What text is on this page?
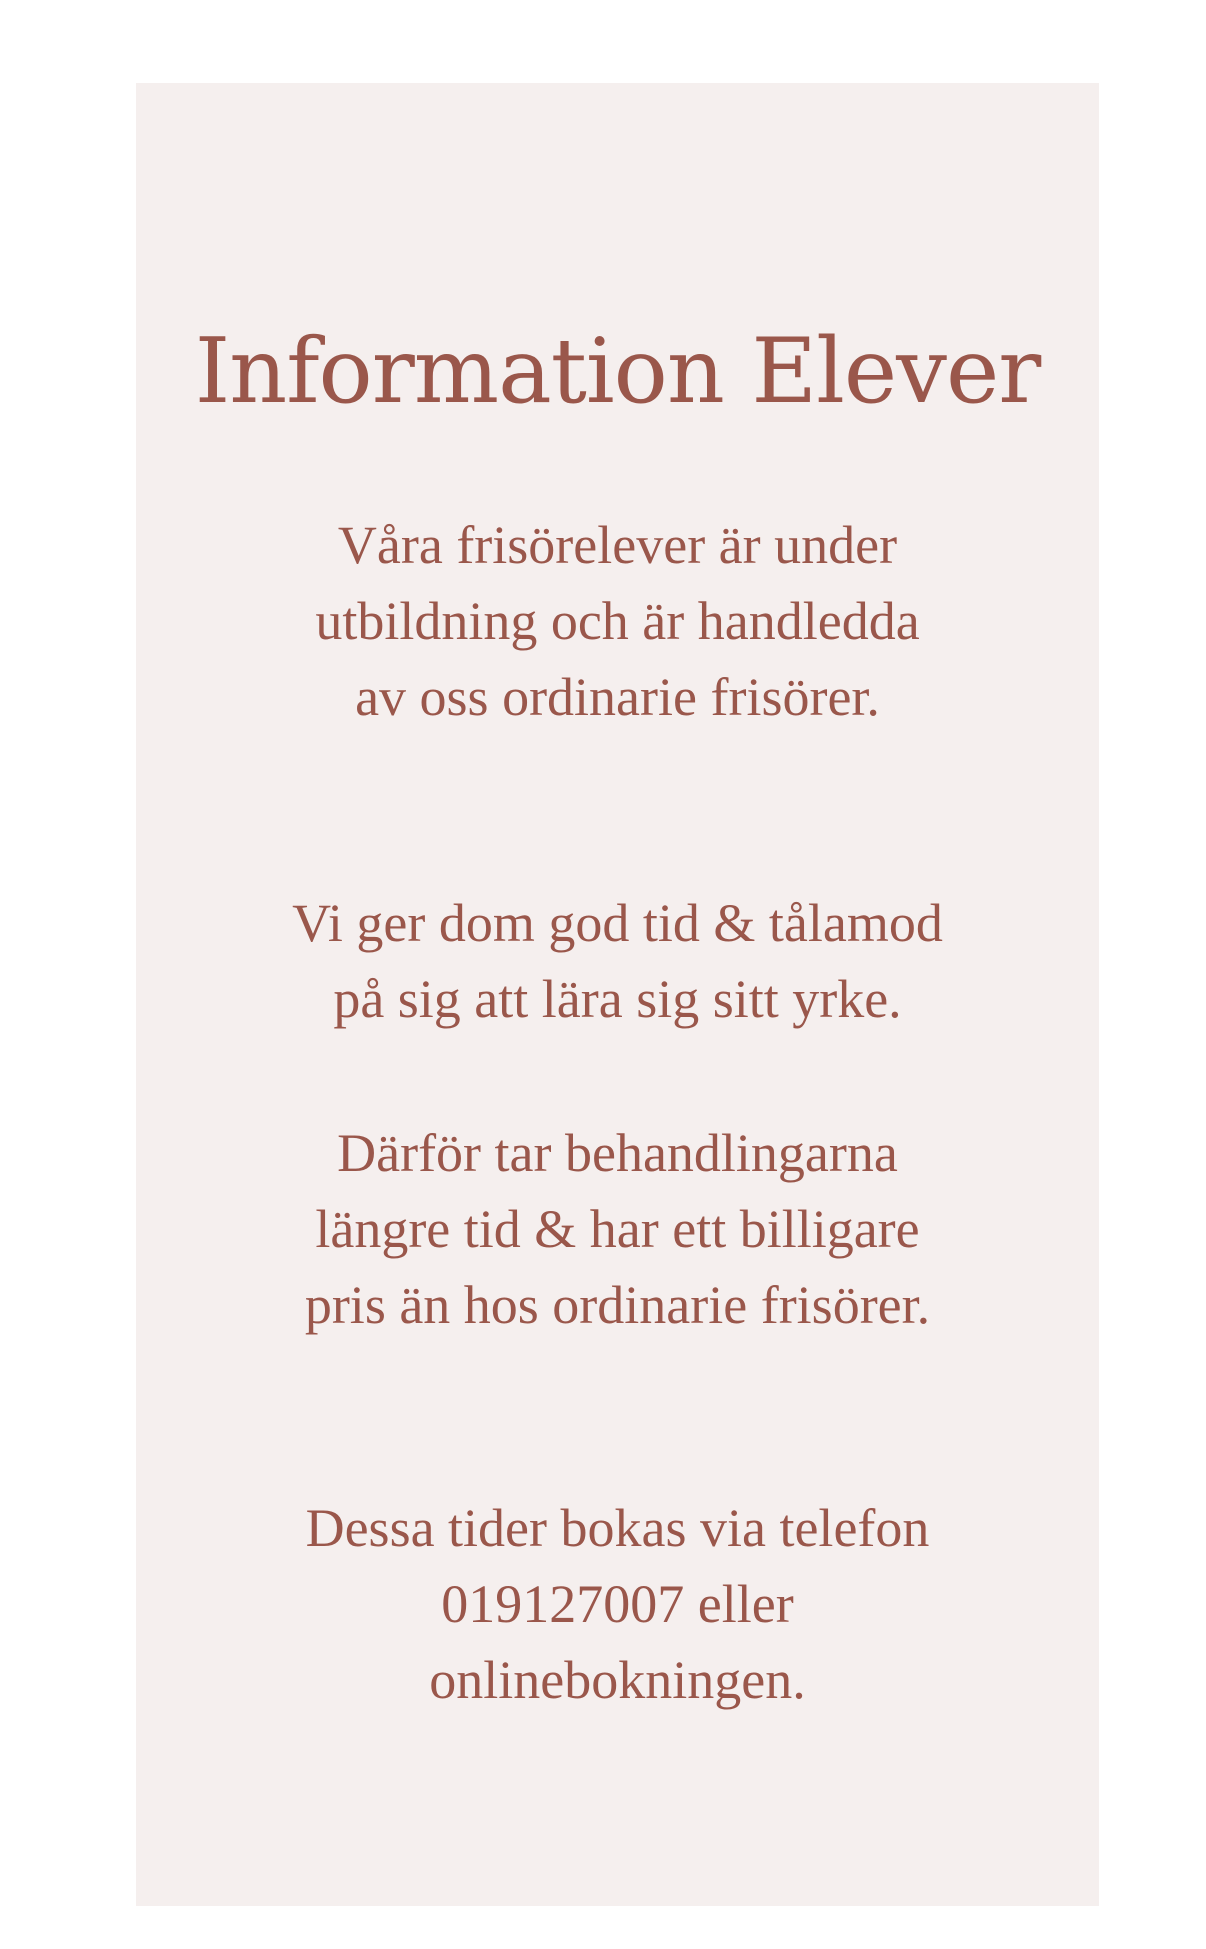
Information Elever
Våra frisörelever är under
utbildning och är handledda
av oss ordinarie frisörer.
Vi ger dom god tid & tålamod
på sig att lära sig sitt yrke.
Därför tar behandlingarna
längre tid & har ett billigare
pris än hos ordinarie frisörer.
Dessa tider bokas via telefon
019127007 eller
onlinebokningen.
